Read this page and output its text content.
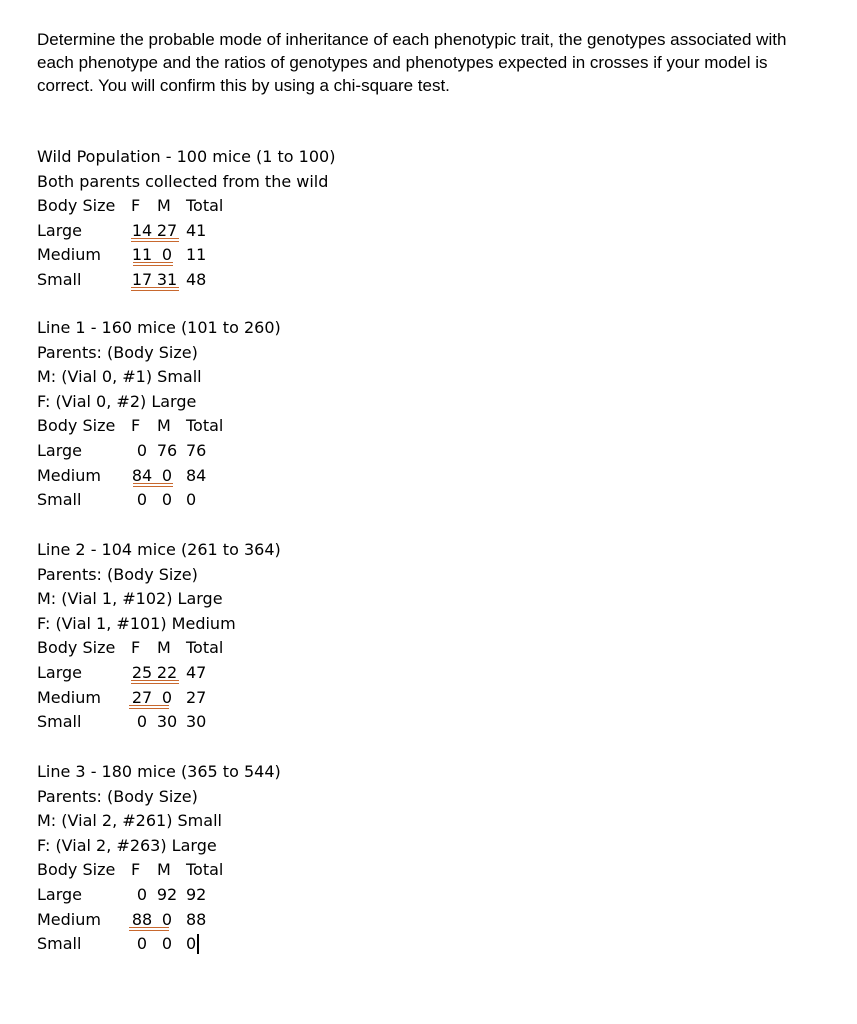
Determine the probable mode of inheritance of each phenotypic trait, the genotypes associated with each phenotype and the ratios of genotypes and phenotypes expected in crosses if your model is correct. You will confirm this by using a chi-square test.

Wild Population - 100 mice (1 to 100)
Both parents collected from the wild
Body Size F M Total
Large	14 27 41
Medium 11 0 11
Small	17 31 48
Line 1 - 160 mice (101 to 260)
Parents: (Body Size)
M: (Vial 0, #1) Small
F: (Vial 0, #2) Large
Body Size F M Total
Large	0 76 76
Medium 84 0 84
Small	0 0 0
Line 2 - 104 mice (261 to 364)
Parents: (Body Size)
M: (Vial 1, #102) Large
F: (Vial 1, #101) Medium
Body Size F M Total
Large	25 22 47
Medium 27 0 27
Small	0 30 30
Line 3 - 180 mice (365 to 544)
Parents: (Body Size)
M: (Vial 2, #261) Small
F: (Vial 2, #263) Large
Body Size F M Total
Large	0 92 92
Medium 88 0 88
Small	0 0 0
